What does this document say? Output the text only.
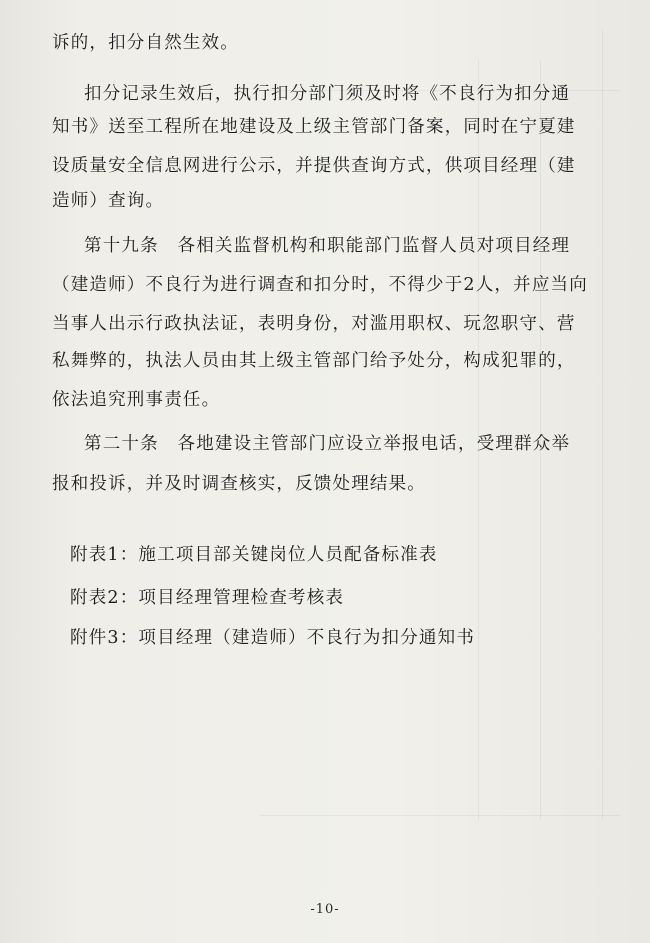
诉的，扣分自然生效。
扣分记录生效后，执行扣分部门须及时将《不良行为扣分通
知书》送至工程所在地建设及上级主管部门备案，同时在宁夏建
设质量安全信息网进行公示，并提供查询方式，供项目经理（建
造师）查询。
第十九条　各相关监督机构和职能部门监督人员对项目经理
（建造师）不良行为进行调查和扣分时，不得少于2人，并应当向
当事人出示行政执法证，表明身份，对滥用职权、玩忽职守、营
私舞弊的，执法人员由其上级主管部门给予处分，构成犯罪的，
依法追究刑事责任。
第二十条　各地建设主管部门应设立举报电话，受理群众举
报和投诉，并及时调查核实，反馈处理结果。
附表1：施工项目部关键岗位人员配备标准表
附表2：项目经理管理检查考核表
附件3：项目经理（建造师）不良行为扣分通知书
-10-
